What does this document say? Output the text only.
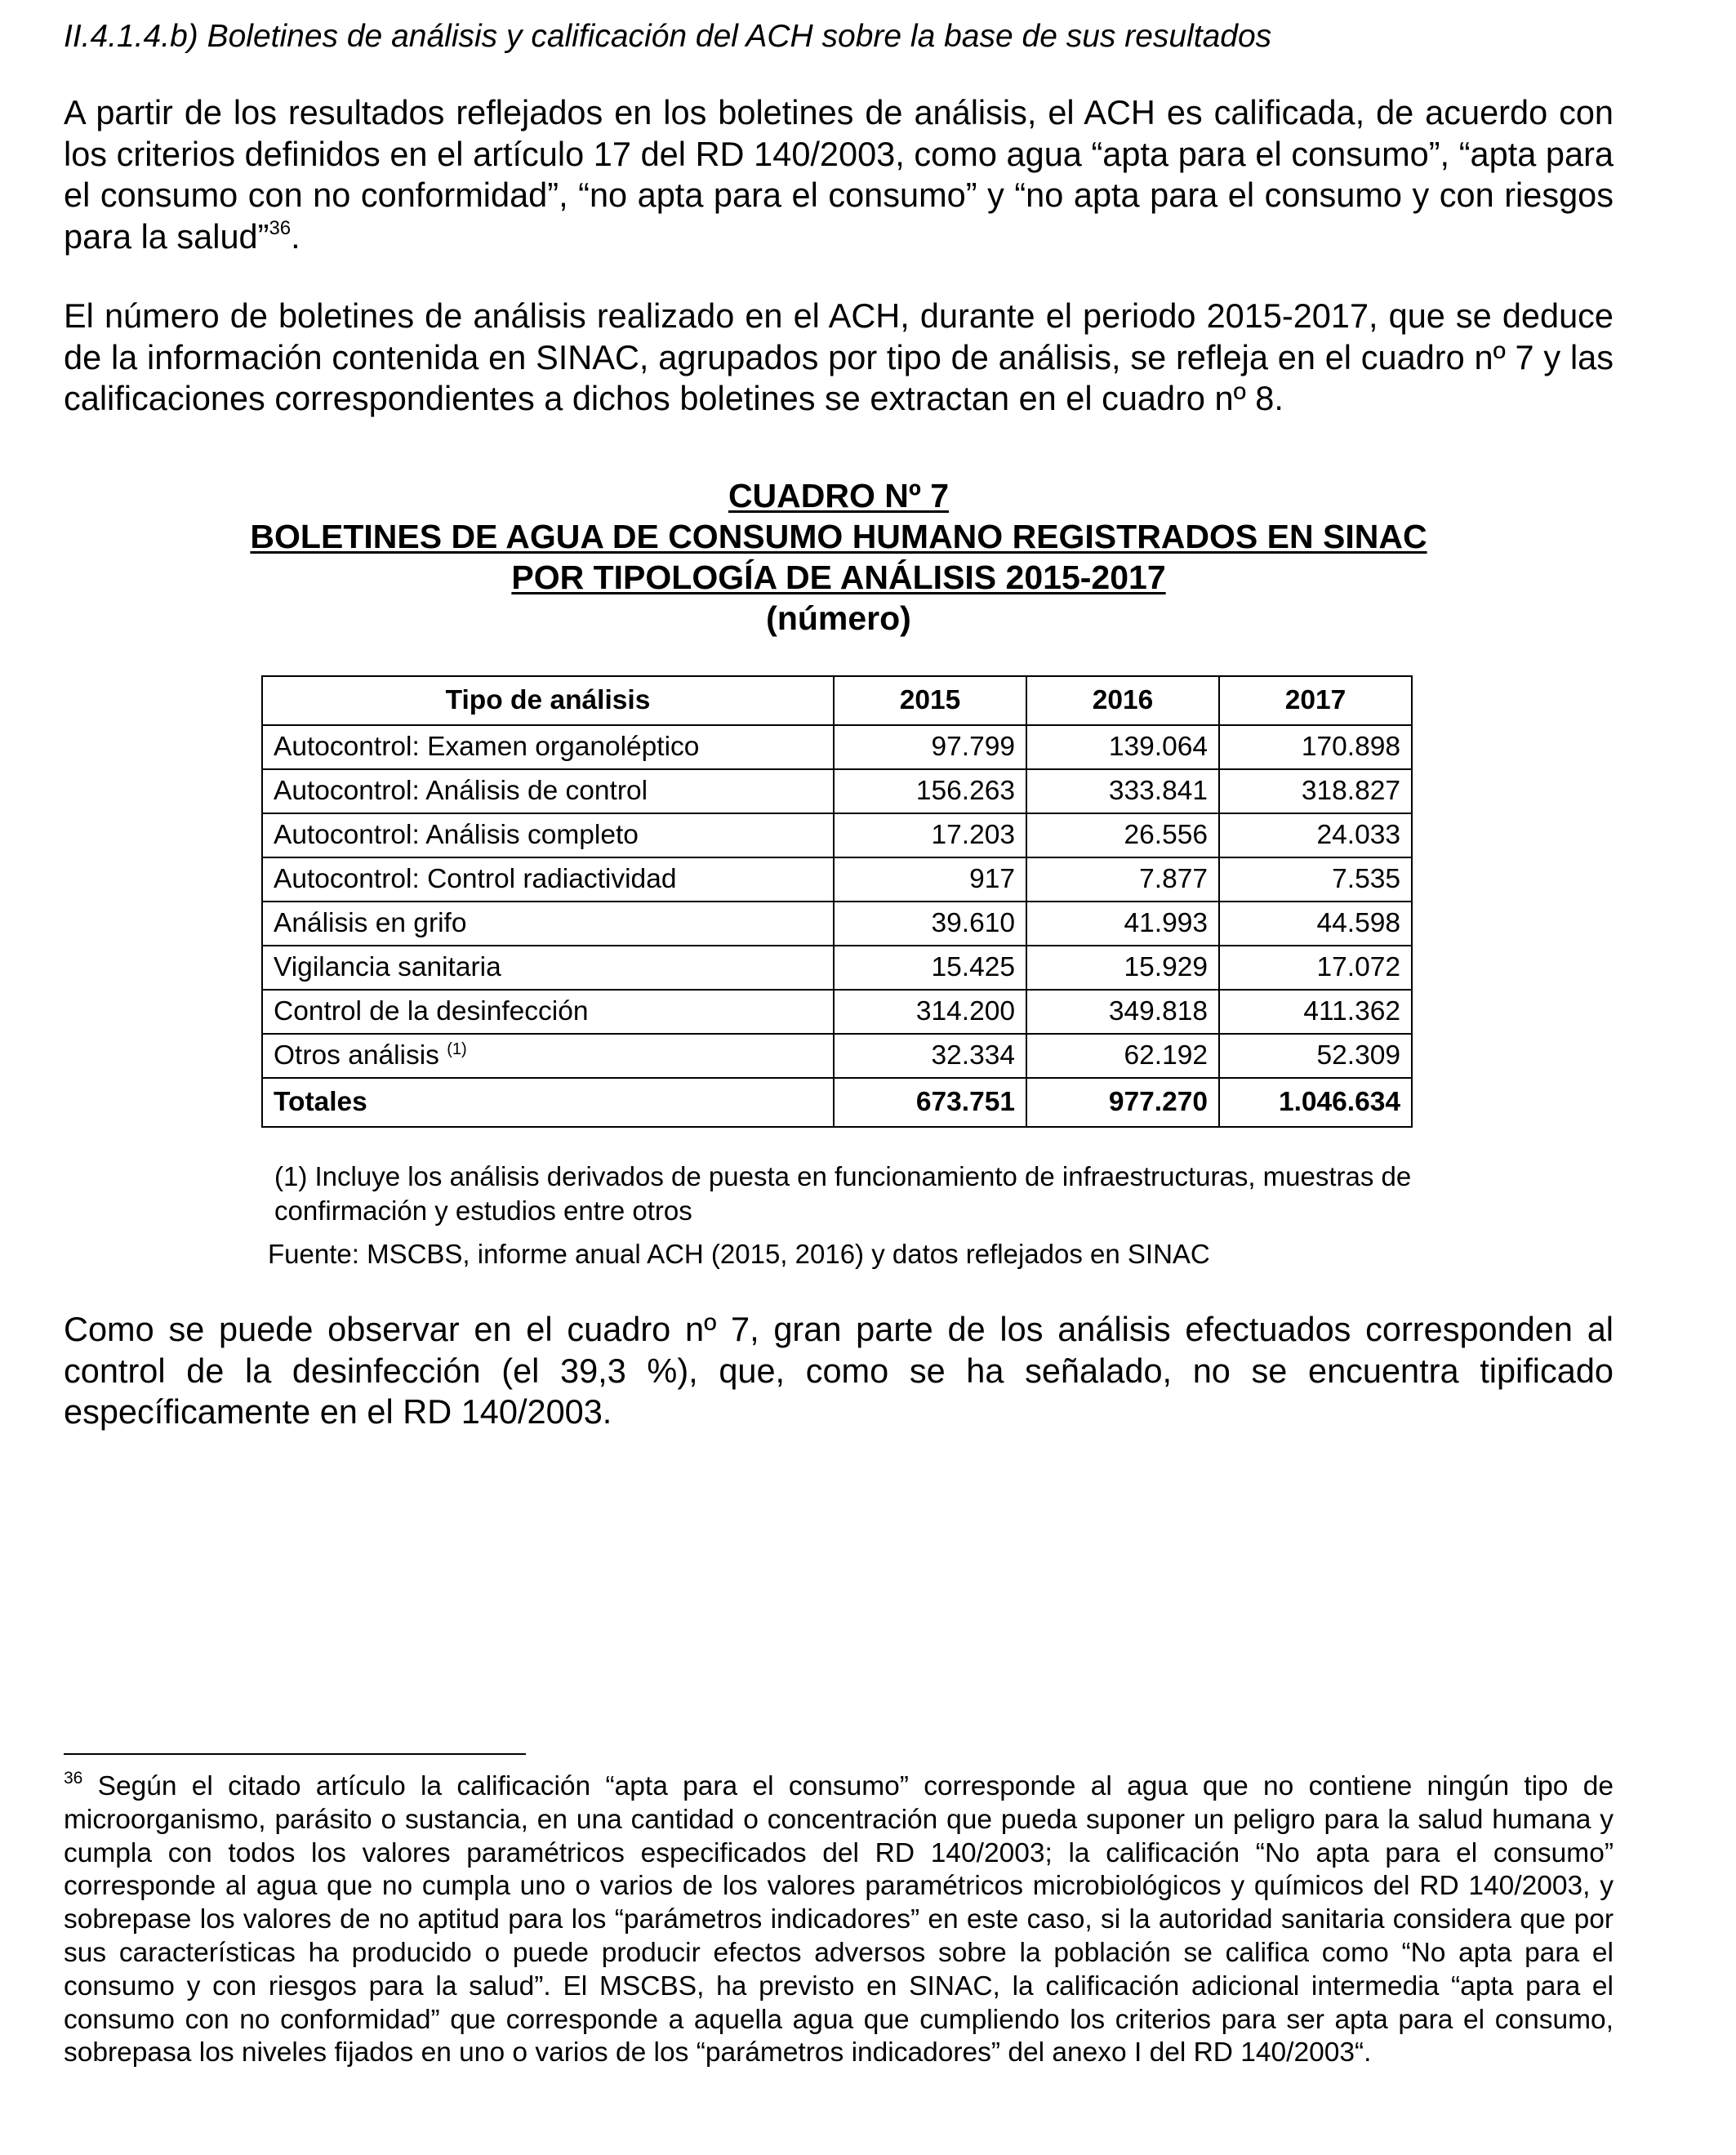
II.4.1.4.b) Boletines de análisis y calificación del ACH sobre la base de sus resultados

A partir de los resultados reflejados en los boletines de análisis, el ACH es calificada, de acuerdo con los criterios definidos en el artículo 17 del RD 140/2003, como agua “apta para el consumo”, “apta para el consumo con no conformidad”, “no apta para el consumo” y “no apta para el consumo y con riesgos para la salud”$^{36}$.

El número de boletines de análisis realizado en el ACH, durante el periodo 2015-2017, que se deduce de la información contenida en SINAC, agrupados por tipo de análisis, se refleja en el cuadro nº 7 y las calificaciones correspondientes a dichos boletines se extractan en el cuadro nº 8.

CUADRO Nº 7
BOLETINES DE AGUA DE CONSUMO HUMANO REGISTRADOS EN SINAC
POR TIPOLOGÍA DE ANÁLISIS 2015-2017
(número)
Tipo de análisis	2015	2016	2017
Autocontrol: Examen organoléptico	97.799	139.064	170.898
Autocontrol: Análisis de control	156.263	333.841	318.827
Autocontrol: Análisis completo	17.203	26.556	24.033
Autocontrol: Control radiactividad	917	7.877	7.535
Análisis en grifo	39.610	41.993	44.598
Vigilancia sanitaria	15.425	15.929	17.072
Control de la desinfección	314.200	349.818	411.362
Otros análisis $^{(1)}$	32.334	62.192	52.309
Totales	673.751	977.270	1.046.634

(1) Incluye los análisis derivados de puesta en funcionamiento de infraestructuras, muestras de confirmación y estudios entre otros

Fuente: MSCBS, informe anual ACH (2015, 2016) y datos reflejados en SINAC

Como se puede observar en el cuadro nº 7, gran parte de los análisis efectuados corresponden al control de la desinfección (el 39,3 %), que, como se ha señalado, no se encuentra tipificado específicamente en el RD 140/2003.

$^{36}$ Según el citado artículo la calificación “apta para el consumo” corresponde al agua que no contiene ningún tipo de microorganismo, parásito o sustancia, en una cantidad o concentración que pueda suponer un peligro para la salud humana y cumpla con todos los valores paramétricos especificados del RD 140/2003; la calificación “No apta para el consumo” corresponde al agua que no cumpla uno o varios de los valores paramétricos microbiológicos y químicos del RD 140/2003, y sobrepase los valores de no aptitud para los “parámetros indicadores” en este caso, si la autoridad sanitaria considera que por sus características ha producido o puede producir efectos adversos sobre la población se califica como “No apta para el consumo y con riesgos para la salud”. El MSCBS, ha previsto en SINAC, la calificación adicional intermedia “apta para el consumo con no conformidad” que corresponde a aquella agua que cumpliendo los criterios para ser apta para el consumo, sobrepasa los niveles fijados en uno o varios de los “parámetros indicadores” del anexo I del RD 140/2003“.
